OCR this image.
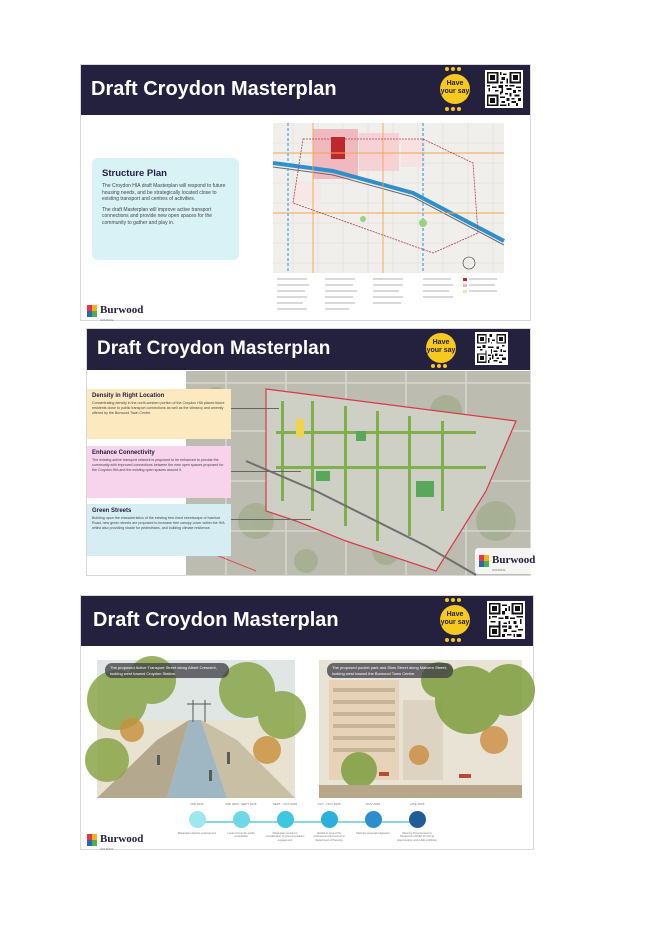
Draft Croydon Masterplan	Have your say
Structure Plan

The Croydon HIA draft Masterplan will respond to future housing needs, and be strategically located close to existing transport and centres of activities.

The draft Masterplan will improve active transport connections and provide new open spaces for the community to gather and play in.

Burwood
COUNCIL
Draft Croydon Masterplan	Have your say
Density in Right Location

Concentrating density in the north-western portion of the Croydon HIA places future residents close to public transport connections as well as the vibrancy and amenity offered by the Burwood Town Centre.

Enhance Connectivity

The existing active transport network is proposed to be enhanced to provide the community with improved connections between the new open spaces proposed for the Croydon HIA and the existing open spaces around it.

Green Streets

Building upon the characteristics of the existing tree-lined streetscape of Ivanhoe Road, new green streets are proposed to increase tree canopy cover within the HIA whilst also providing shade for pedestrians, and building climate resilience.

Burwood
COUNCIL
Draft Croydon Masterplan	Have your say
The proposed Active Transport Street along Albert Crescent, looking west toward Croydon Station.
The proposed pocket park and Slow Street along Malvern Street, looking west toward the Burwood Town Centre.
MID 2025
Masterplan draft for endorsement
MID 2025 - SEPT 2025
Local community public consultation
SEPT - OCT 2025
Masterplan revised in consideration of post-consultation engagement
OCT - NOV 2025
Update to Council for endorsement and submit to Department of Planning
NOV 2025
Planning proposal lodgement
LATE 2025
Planning Proposal sent to Department (NSW) for formal determination and public exhibition
Burwood
COUNCIL
